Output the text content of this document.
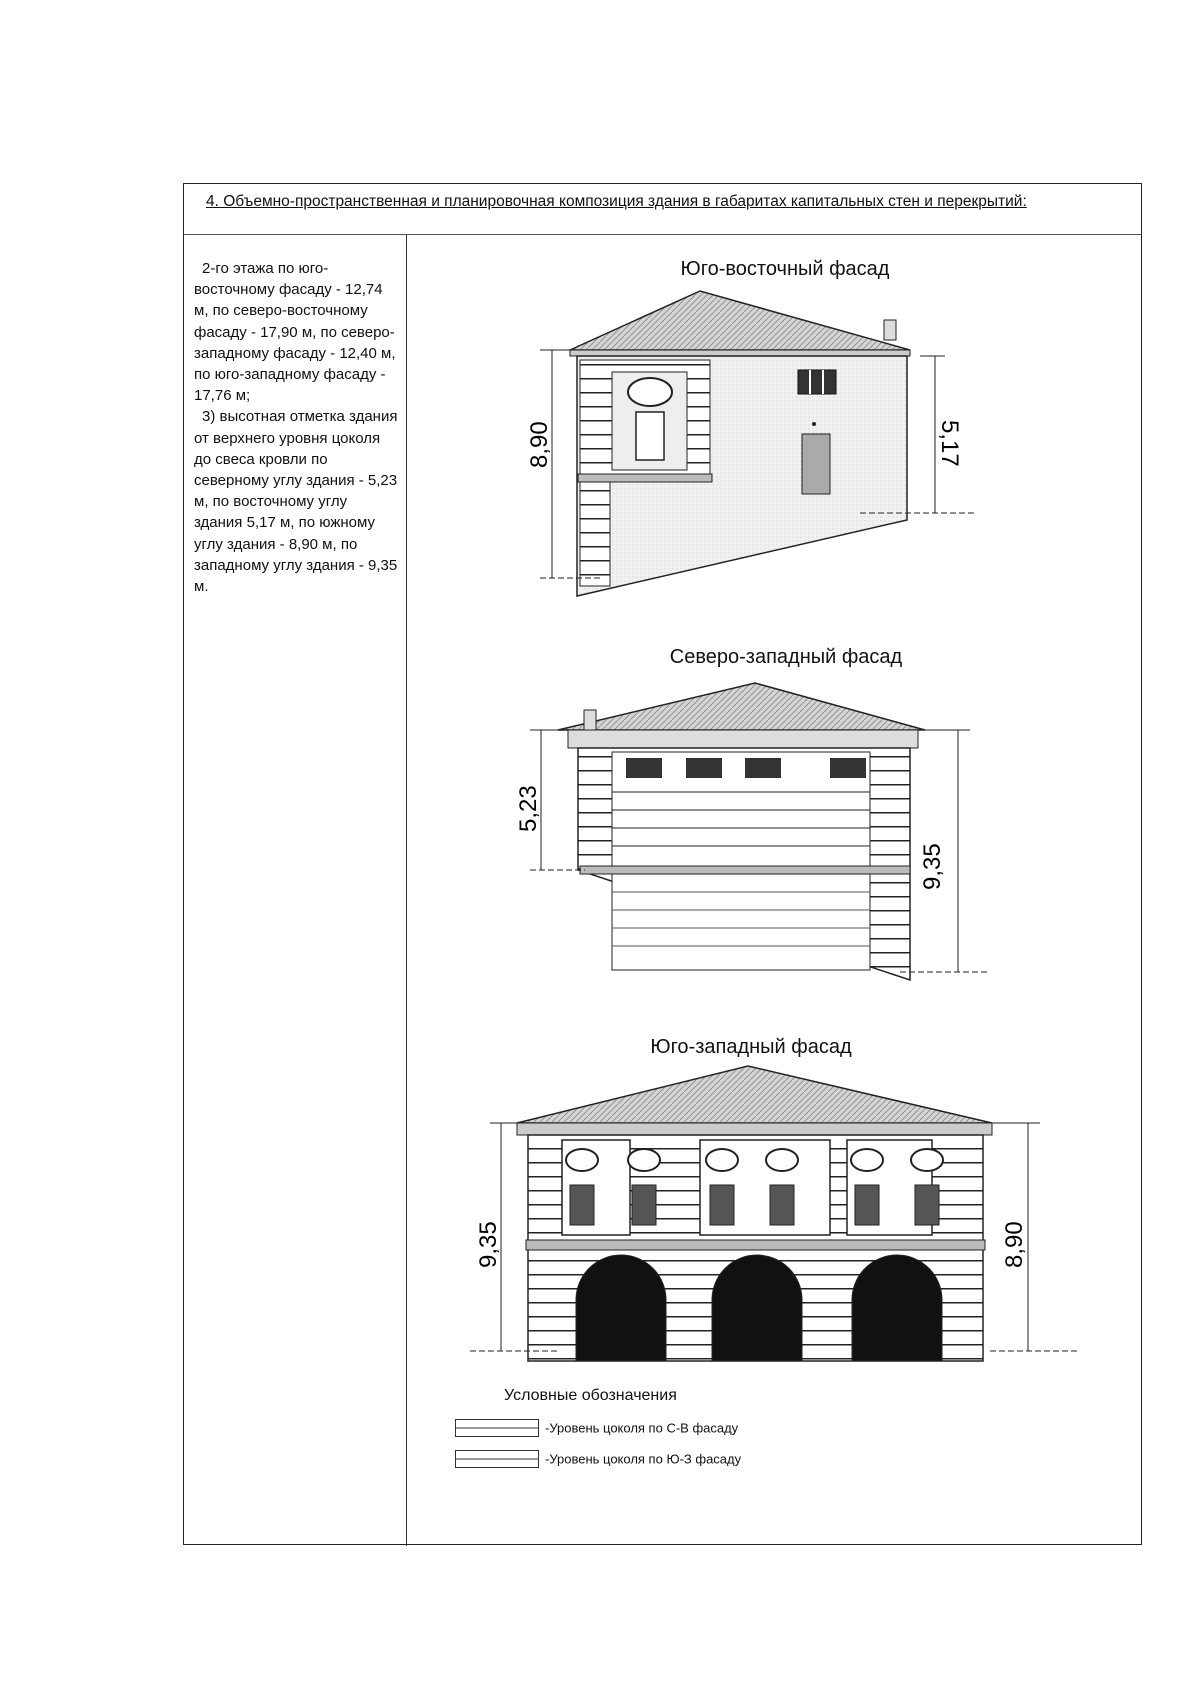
4. Объемно-пространственная и планировочная композиция здания в габаритах капитальных стен и перекрытий:

2-го этажа по юго-восточному фасаду - 12,74 м, по северо-восточному фасаду - 17,90 м, по северо-западному фасаду - 12,40 м, по юго-западному фасаду - 17,76 м;

3) высотная отметка здания от верхнего уровня цоколя до свеса кровли по северному углу здания - 5,23 м, по восточному углу здания 5,17 м, по южному углу здания - 8,90 м, по западному углу здания - 9,35 м.

Юго-восточный фасад
Северо-западный фасад
Юго-западный фасад
8,90	5,17
5,23
9,35
9,35	8,90
Условные обозначения
-Уровень цоколя по С-В фасаду
-Уровень цоколя по Ю-З фасаду
